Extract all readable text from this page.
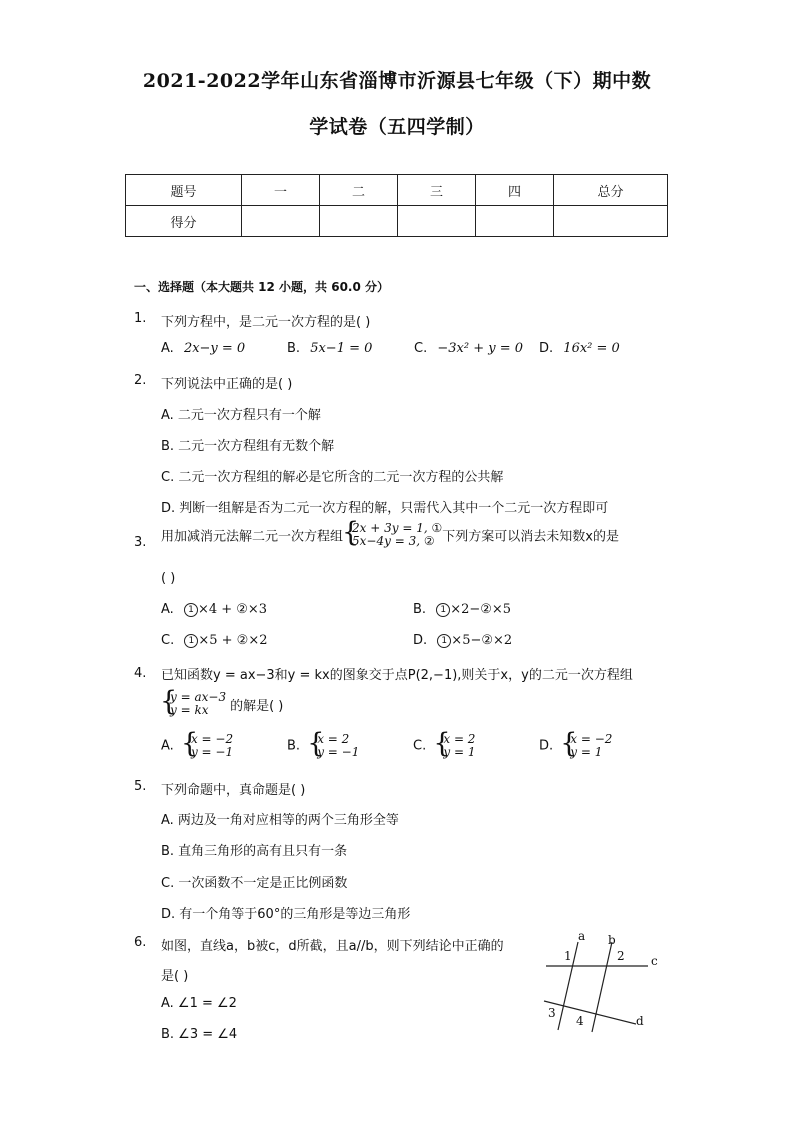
2021-2022学年山东省淄博市沂源县七年级（下）期中数
学试卷（五四学制）
题号	一	二	三	四	总分
得分					
一、选择题（本大题共 12 小题，共 60.0 分）
1. 下列方程中，是二元一次方程的是( )
A. 2x−y = 0	B. 5x−1 = 0	C. −3x² + y = 0 D. 16x² = 0
2. 下列说法中正确的是( )
A. 二元一次方程只有一个解
B. 二元一次方程组有无数个解
C. 二元一次方程组的解必是它所含的二元一次方程的公共解
D. 判断一组解是否为二元一次方程的解，只需代入其中一个二元一次方程即可
3. 用加减消元法解二元一次方程组{ 2x + 3y = 1, ①
5x−4y = 3, ② 下列方案可以消去未知数x的是
( )
A. 1 ×4 + ②×3	B. 1 ×2−②×5
C. 1 ×5 + ②×2	D. 1 ×5−②×2
4. 已知函数y = ax−3和y = kx的图象交于点P(2,−1),则关于x，y的二元一次方程组
{ y = ax−3
y = kx 的解是( )
A. { x = −2
y = −1	B. { x = 2
y = −1	C. { x = 2
y = 1	D. { x = −2
y = 1
5. 下列命题中，真命题是( )
A. 两边及一角对应相等的两个三角形全等
B. 直角三角形的高有且只有一条
C. 一次函数不一定是正比例函数
D. 有一个角等于60°的三角形是等边三角形
6. 如图，直线a，b被c，d所截，且a//b，则下列结论中正确的
是( )
A. ∠1 = ∠2
B. ∠3 = ∠4
a b
c
d
1	2
3
4
